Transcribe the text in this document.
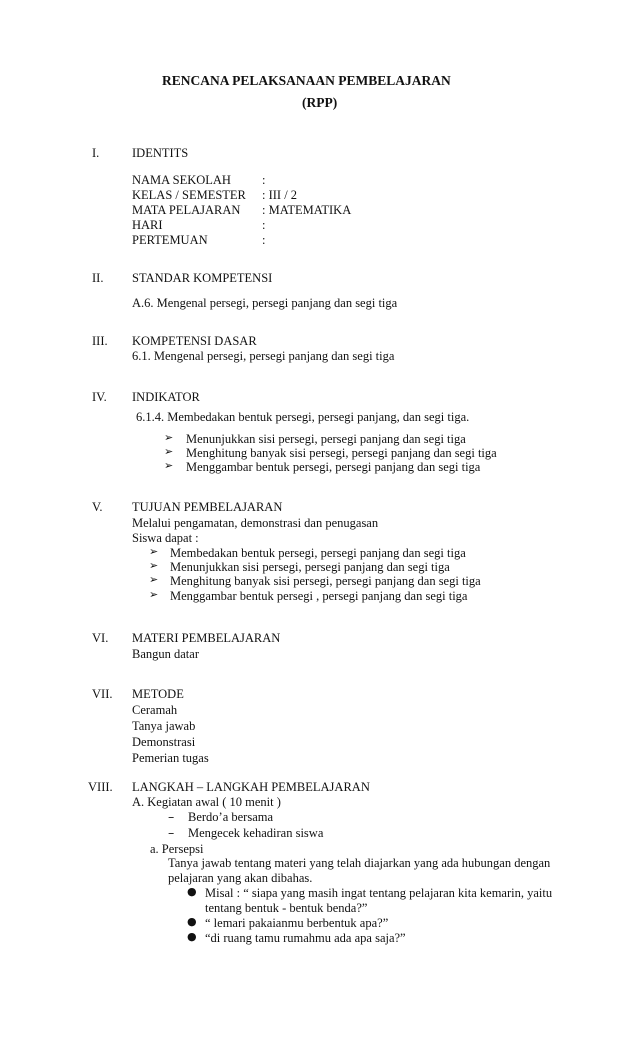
RENCANA PELAKSANAAN PEMBELAJARAN
(RPP)
I.	IDENTITS
NAMA SEKOLAH :
KELAS / SEMESTER : III / 2
MATA PELAJARAN : MATEMATIKA
HARI	:
PERTEMUAN	:
II. STANDAR KOMPETENSI
A.6. Mengenal persegi, persegi panjang dan segi tiga
III. KOMPETENSI DASAR
6.1. Mengenal persegi, persegi panjang dan segi tiga
IV. INDIKATOR
6.1.4. Membedakan bentuk persegi, persegi panjang, dan segi tiga.
➢ Menunjukkan sisi persegi, persegi panjang dan segi tiga
➢ Menghitung banyak sisi persegi, persegi panjang dan segi tiga
➢ Menggambar bentuk persegi, persegi panjang dan segi tiga
V. TUJUAN PEMBELAJARAN
Melalui pengamatan, demonstrasi dan penugasan
Siswa dapat :
➢ Membedakan bentuk persegi, persegi panjang dan segi tiga
➢ Menunjukkan sisi persegi, persegi panjang dan segi tiga
➢ Menghitung banyak sisi persegi, persegi panjang dan segi tiga
➢ Menggambar bentuk persegi , persegi panjang dan segi tiga
VI. MATERI PEMBELAJARAN
Bangun datar
VII. METODE
Ceramah
Tanya jawab
Demonstrasi
Pemerian tugas
VIII. LANGKAH – LANGKAH PEMBELAJARAN
A. Kegiatan awal ( 10 menit )
– Berdo’a bersama
– Mengecek kehadiran siswa
a. Persepsi
Tanya jawab tentang materi yang telah diajarkan yang ada hubungan dengan
pelajaran yang akan dibahas.
● Misal : “ siapa yang masih ingat tentang pelajaran kita kemarin, yaitu
tentang bentuk - bentuk benda?”
● “ lemari pakaianmu berbentuk apa?”
● “di ruang tamu rumahmu ada apa saja?”
